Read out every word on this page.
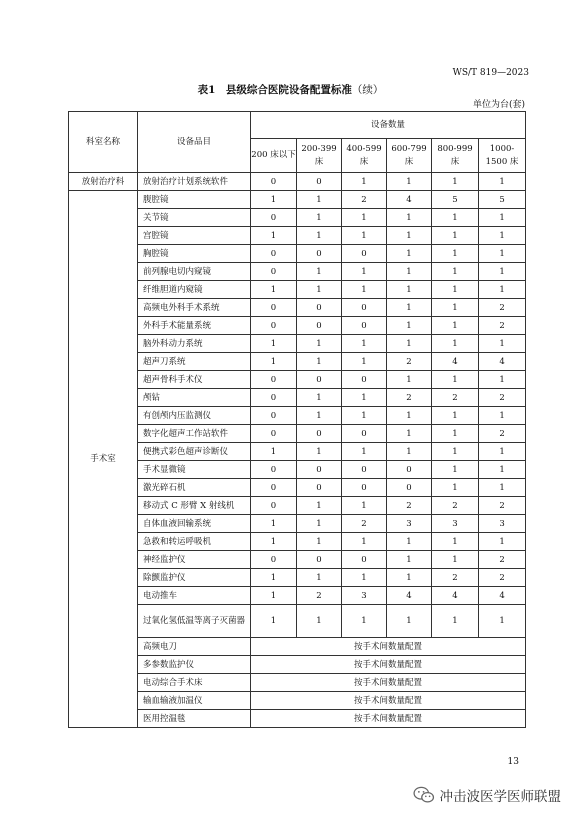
WS/T 819—2023
表1　县级综合医院设备配置标准（续）
单位为台(套)
科室名称	设备品目	设备数量					
		200 床以下	200-399 床	400-599 床	600-799 床	800-999 床	1000-1500 床
放射治疗科	放射治疗计划系统软件	0	0	1	1	1	1
手术室	腹腔镜	1	1	2	4	5	5
	关节镜	0	1	1	1	1	1
	宫腔镜	1	1	1	1	1	1
	胸腔镜	0	0	0	1	1	1
	前列腺电切内窥镜	0	1	1	1	1	1
	纤维胆道内窥镜	1	1	1	1	1	1
	高频电外科手术系统	0	0	0	1	1	2
	外科手术能量系统	0	0	0	1	1	2
	脑外科动力系统	1	1	1	1	1	1
	超声刀系统	1	1	1	2	4	4
	超声骨科手术仪	0	0	0	1	1	1
	颅钻	0	1	1	2	2	2
	有创颅内压监测仪	0	1	1	1	1	1
	数字化超声工作站软件	0	0	0	1	1	2
	便携式彩色超声诊断仪	1	1	1	1	1	1
	手术显微镜	0	0	0	0	1	1
	激光碎石机	0	0	0	0	1	1
	移动式 C 形臂 X 射线机	0	1	1	2	2	2
	自体血液回输系统	1	1	2	3	3	3
	急救和转运呼吸机	1	1	1	1	1	1
	神经监护仪	0	0	0	1	1	2
	除颤监护仪	1	1	1	1	2	2
	电动推车	1	2	3	4	4	4
	过氧化氢低温等离子灭菌器	1	1	1	1	1	1
	高频电刀	按手术间数量配置					
	多参数监护仪	按手术间数量配置					
	电动综合手术床	按手术间数量配置					
	输血输液加温仪	按手术间数量配置					
	医用控温毯	按手术间数量配置					
13
冲击波医学医师联盟
